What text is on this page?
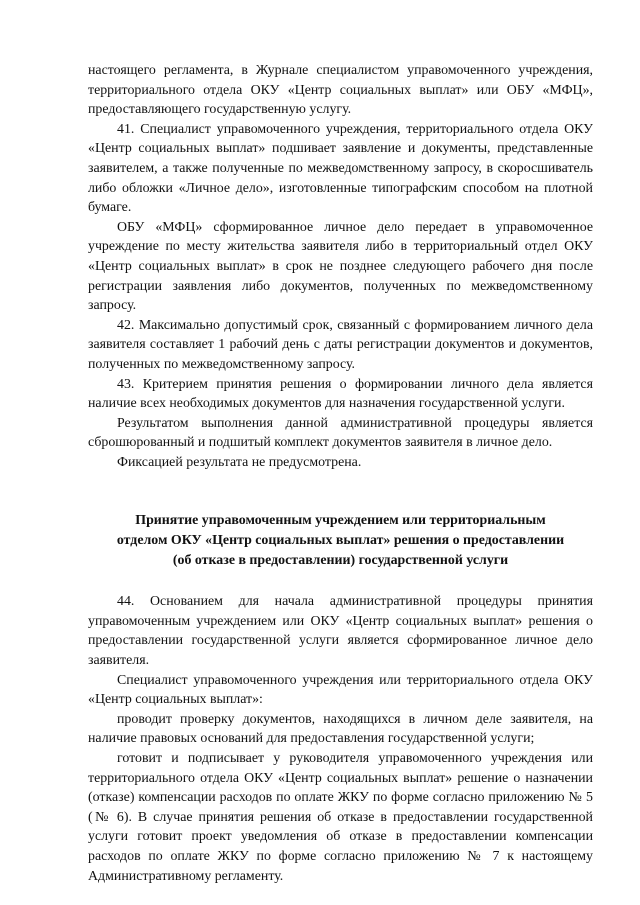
настоящего регламента, в Журнале специалистом управомоченного учреждения, территориального отдела ОКУ «Центр социальных выплат» или ОБУ «МФЦ», предоставляющего государственную услугу.

41. Специалист управомоченного учреждения, территориального отдела ОКУ «Центр социальных выплат» подшивает заявление и документы, представленные заявителем, а также полученные по межведомственному запросу, в скоросшиватель либо обложки «Личное дело», изготовленные типографским способом на плотной бумаге.

ОБУ «МФЦ» сформированное личное дело передает в управомоченное учреждение по месту жительства заявителя либо в территориальный отдел ОКУ «Центр социальных выплат» в срок не позднее следующего рабочего дня после регистрации заявления либо документов, полученных по межведомственному запросу.

42. Максимально допустимый срок, связанный с формированием личного дела заявителя составляет 1 рабочий день с даты регистрации документов и документов, полученных по межведомственному запросу.

43. Критерием принятия решения о формировании личного дела является наличие всех необходимых документов для назначения государственной услуги.

Результатом выполнения данной административной процедуры является сброшюрованный и подшитый комплект документов заявителя в личное дело.

Фиксацией результата не предусмотрена.

Принятие управомоченным учреждением или территориальным
отделом ОКУ «Центр социальных выплат» решения о предоставлении
(об отказе в предоставлении) государственной услуги

44. Основанием для начала административной процедуры принятия управомоченным учреждением или ОКУ «Центр социальных выплат» решения о предоставлении государственной услуги является сформированное личное дело заявителя.

Специалист управомоченного учреждения или территориального отдела ОКУ «Центр социальных выплат»:

проводит проверку документов, находящихся в личном деле заявителя, на наличие правовых оснований для предоставления государственной услуги;

готовит и подписывает у руководителя управомоченного учреждения или территориального отдела ОКУ «Центр социальных выплат» решение о назначении (отказе) компенсации расходов по оплате ЖКУ по форме согласно приложению № 5 (№ 6). В случае принятия решения об отказе в предоставлении государственной услуги готовит проект уведомления об отказе в предоставлении компенсации расходов по оплате ЖКУ по форме согласно приложению № 7 к настоящему Административному регламенту.
